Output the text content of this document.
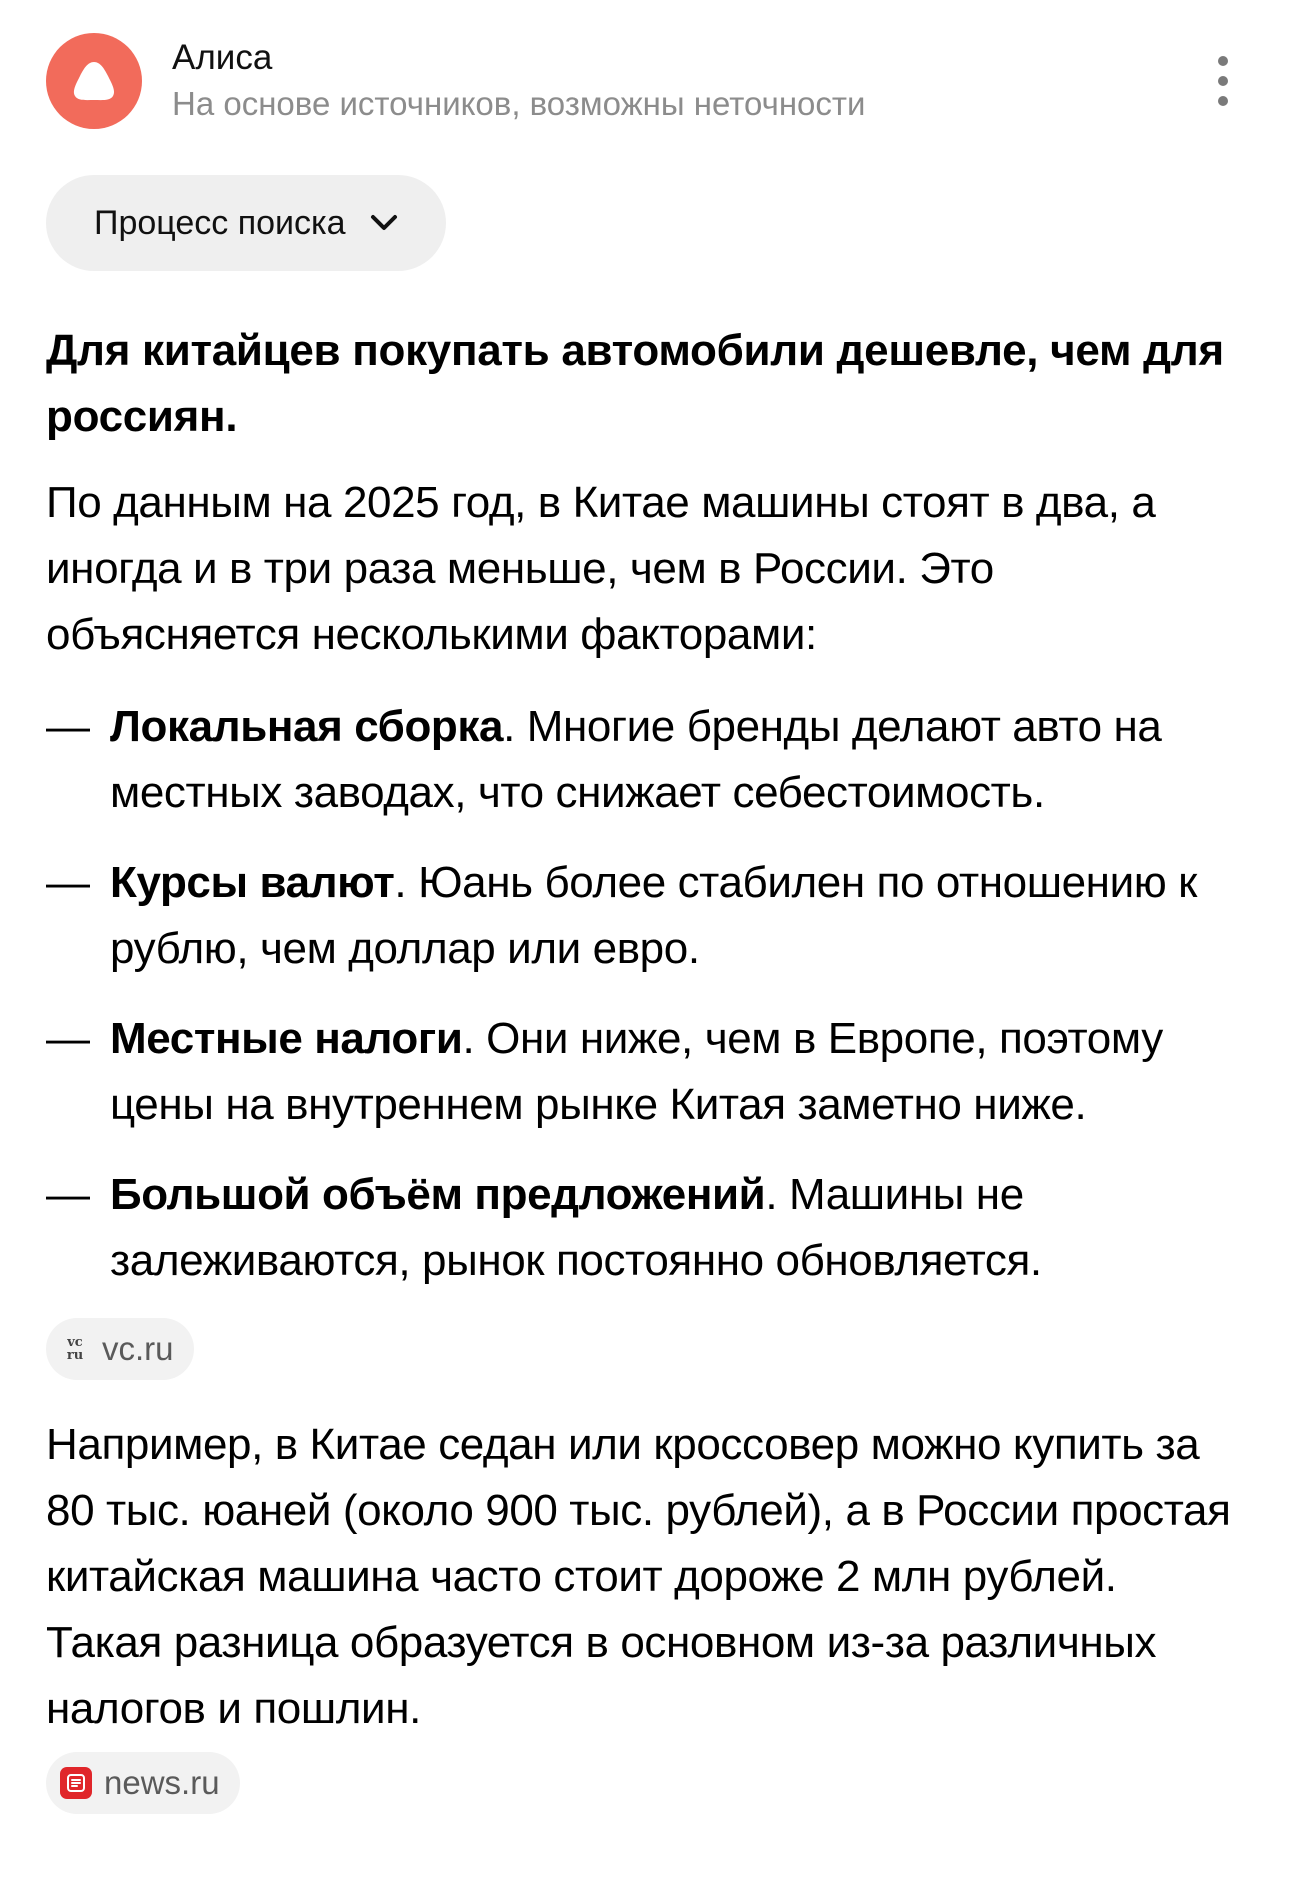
Алиса
На основе источников, возможны неточности
Процесс поиска
Для китайцев покупать автомобили дешевле, чем для россиян.
По данным на 2025 год, в Китае машины стоят в два, а иногда и в три раза меньше, чем в России. Это объясняется несколькими факторами:
— Локальная сборка. Многие бренды делают авто на местных заводах, что снижает себестоимость.
— Курсы валют. Юань более стабилен по отношению к рублю, чем доллар или евро.
— Местные налоги. Они ниже, чем в Европе, поэтому цены на внутреннем рынке Китая заметно ниже.
— Большой объём предложений. Машины не залеживаются, рынок постоянно обновляется.
vc
ru vc.ru
Например, в Китае седан или кроссовер можно купить за 80 тыс. юаней (около 900 тыс. рублей), а в России простая китайская машина часто стоит дороже 2 млн рублей. Такая разница образуется в основном из-за различных налогов и пошлин.
news.ru
